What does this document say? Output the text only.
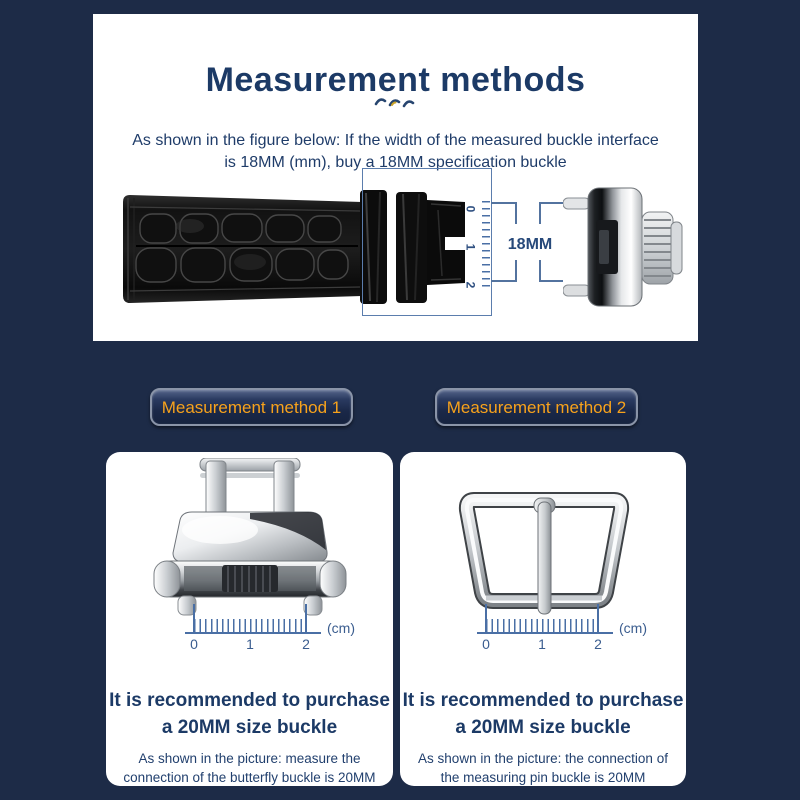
Measurement methods

As shown in the figure below: If the width of the measured buckle interface
is 18MM (mm), buy a 18MM specification buckle

0
1
2
18MM
Measurement method 1	Measurement method 2
0	1	2
(cm)
It is recommended to purchase
a 20MM size buckle

As shown in the picture: measure the
connection of the butterfly buckle is 20MM

0	1	2
(cm)
It is recommended to purchase
a 20MM size buckle

As shown in the picture: the connection of
the measuring pin buckle is 20MM
